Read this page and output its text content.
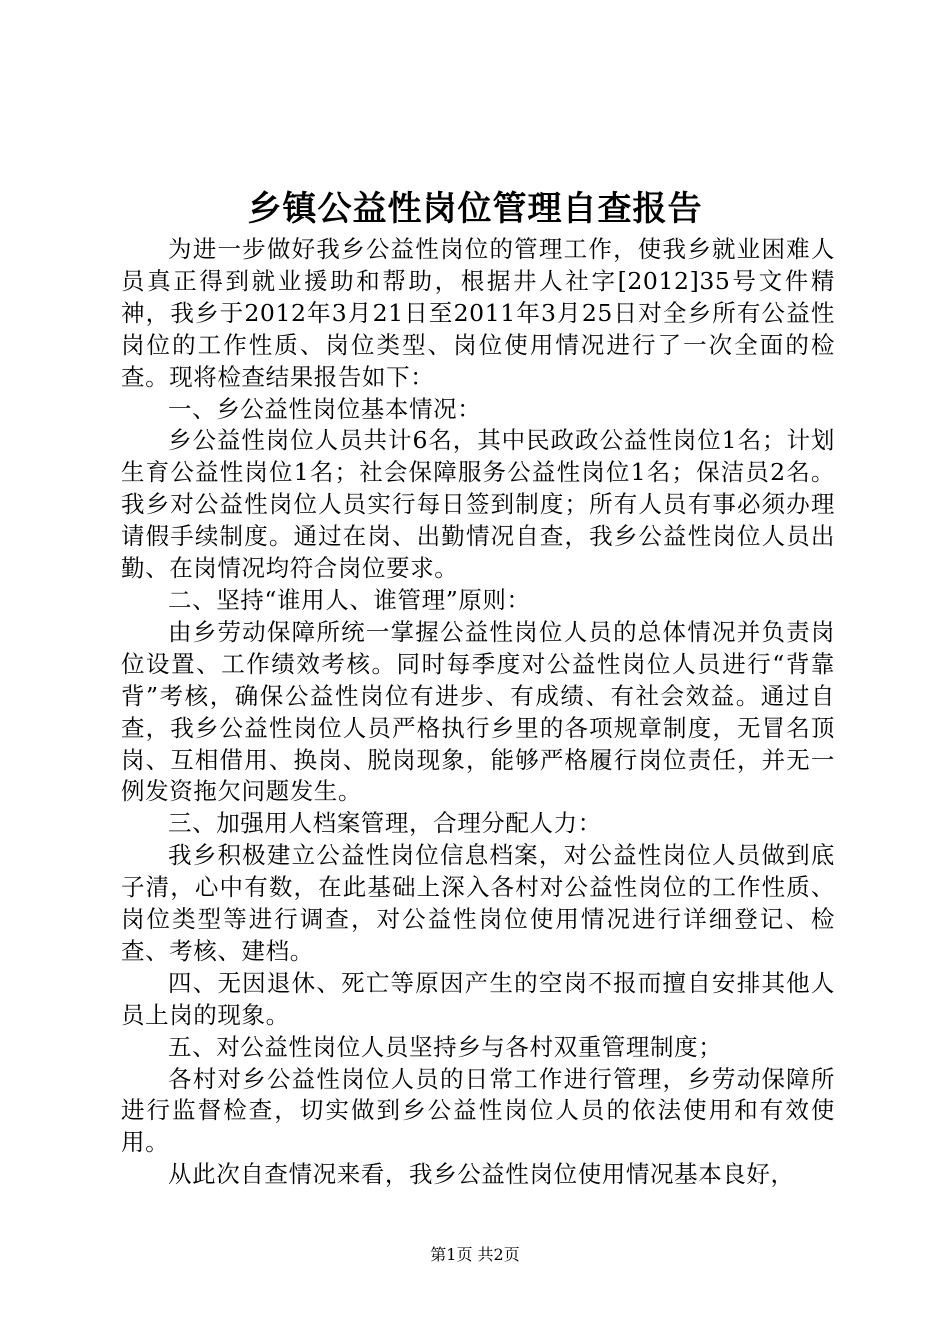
乡镇公益性岗位管理自查报告

为进一步做好我乡公益性岗位的管理工作，使我乡就业困难人员真正得到就业援助和帮助，根据井人社字[2012]35号文件精神，我乡于2012年3月21日至2011年3月25日对全乡所有公益性岗位的工作性质、岗位类型、岗位使用情况进行了一次全面的检查。现将检查结果报告如下：

一、乡公益性岗位基本情况：

乡公益性岗位人员共计6名，其中民政政公益性岗位1名；计划生育公益性岗位1名；社会保障服务公益性岗位1名；保洁员2名。我乡对公益性岗位人员实行每日签到制度；所有人员有事必须办理请假手续制度。通过在岗、出勤情况自查，我乡公益性岗位人员出勤、在岗情况均符合岗位要求。

二、坚持“谁用人、谁管理”原则：

由乡劳动保障所统一掌握公益性岗位人员的总体情况并负责岗位设置、工作绩效考核。同时每季度对公益性岗位人员进行“背靠背”考核，确保公益性岗位有进步、有成绩、有社会效益。通过自查，我乡公益性岗位人员严格执行乡里的各项规章制度，无冒名顶岗、互相借用、换岗、脱岗现象，能够严格履行岗位责任，并无一例发资拖欠问题发生。

三、加强用人档案管理，合理分配人力：

我乡积极建立公益性岗位信息档案，对公益性岗位人员做到底子清，心中有数，在此基础上深入各村对公益性岗位的工作性质、岗位类型等进行调查，对公益性岗位使用情况进行详细登记、检查、考核、建档。

四、无因退休、死亡等原因产生的空岗不报而擅自安排其他人员上岗的现象。

五、对公益性岗位人员坚持乡与各村双重管理制度；

各村对乡公益性岗位人员的日常工作进行管理，乡劳动保障所进行监督检查，切实做到乡公益性岗位人员的依法使用和有效使用。

从此次自查情况来看，我乡公益性岗位使用情况基本良好，

第1页 共2页
